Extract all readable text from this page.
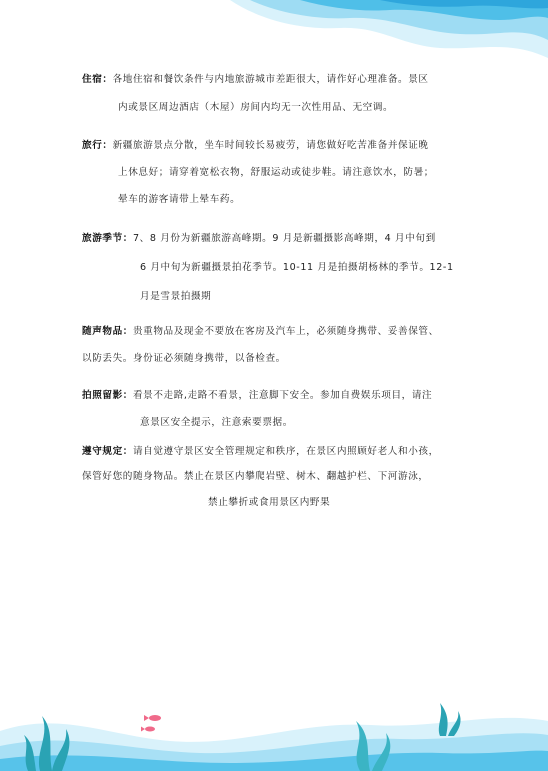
住宿：各地住宿和餐饮条件与内地旅游城市差距很大，请作好心理准备。景区
内或景区周边酒店（木屋）房间内均无一次性用品、无空调。
旅行：新疆旅游景点分散，坐车时间较长易疲劳，请您做好吃苦准备并保证晚
上休息好；请穿着宽松衣物，舒服运动或徒步鞋。请注意饮水，防暑；
晕车的游客请带上晕车药。
旅游季节：7、8 月份为新疆旅游高峰期。9 月是新疆摄影高峰期，4 月中旬到
6 月中旬为新疆摄景拍花季节。10-11 月是拍摄胡杨林的季节。12-1
月是雪景拍摄期
随声物品：贵重物品及现金不要放在客房及汽车上，必须随身携带、妥善保管、
以防丢失。身份证必须随身携带，以备检查。
拍照留影：看景不走路,走路不看景，注意脚下安全。参加自费娱乐项目，请注
意景区安全提示，注意索要票据。
遵守规定：请自觉遵守景区安全管理规定和秩序，在景区内照顾好老人和小孩，
保管好您的随身物品。禁止在景区内攀爬岩壁、树木、翻越护栏、下河游泳，
禁止攀折或食用景区内野果
